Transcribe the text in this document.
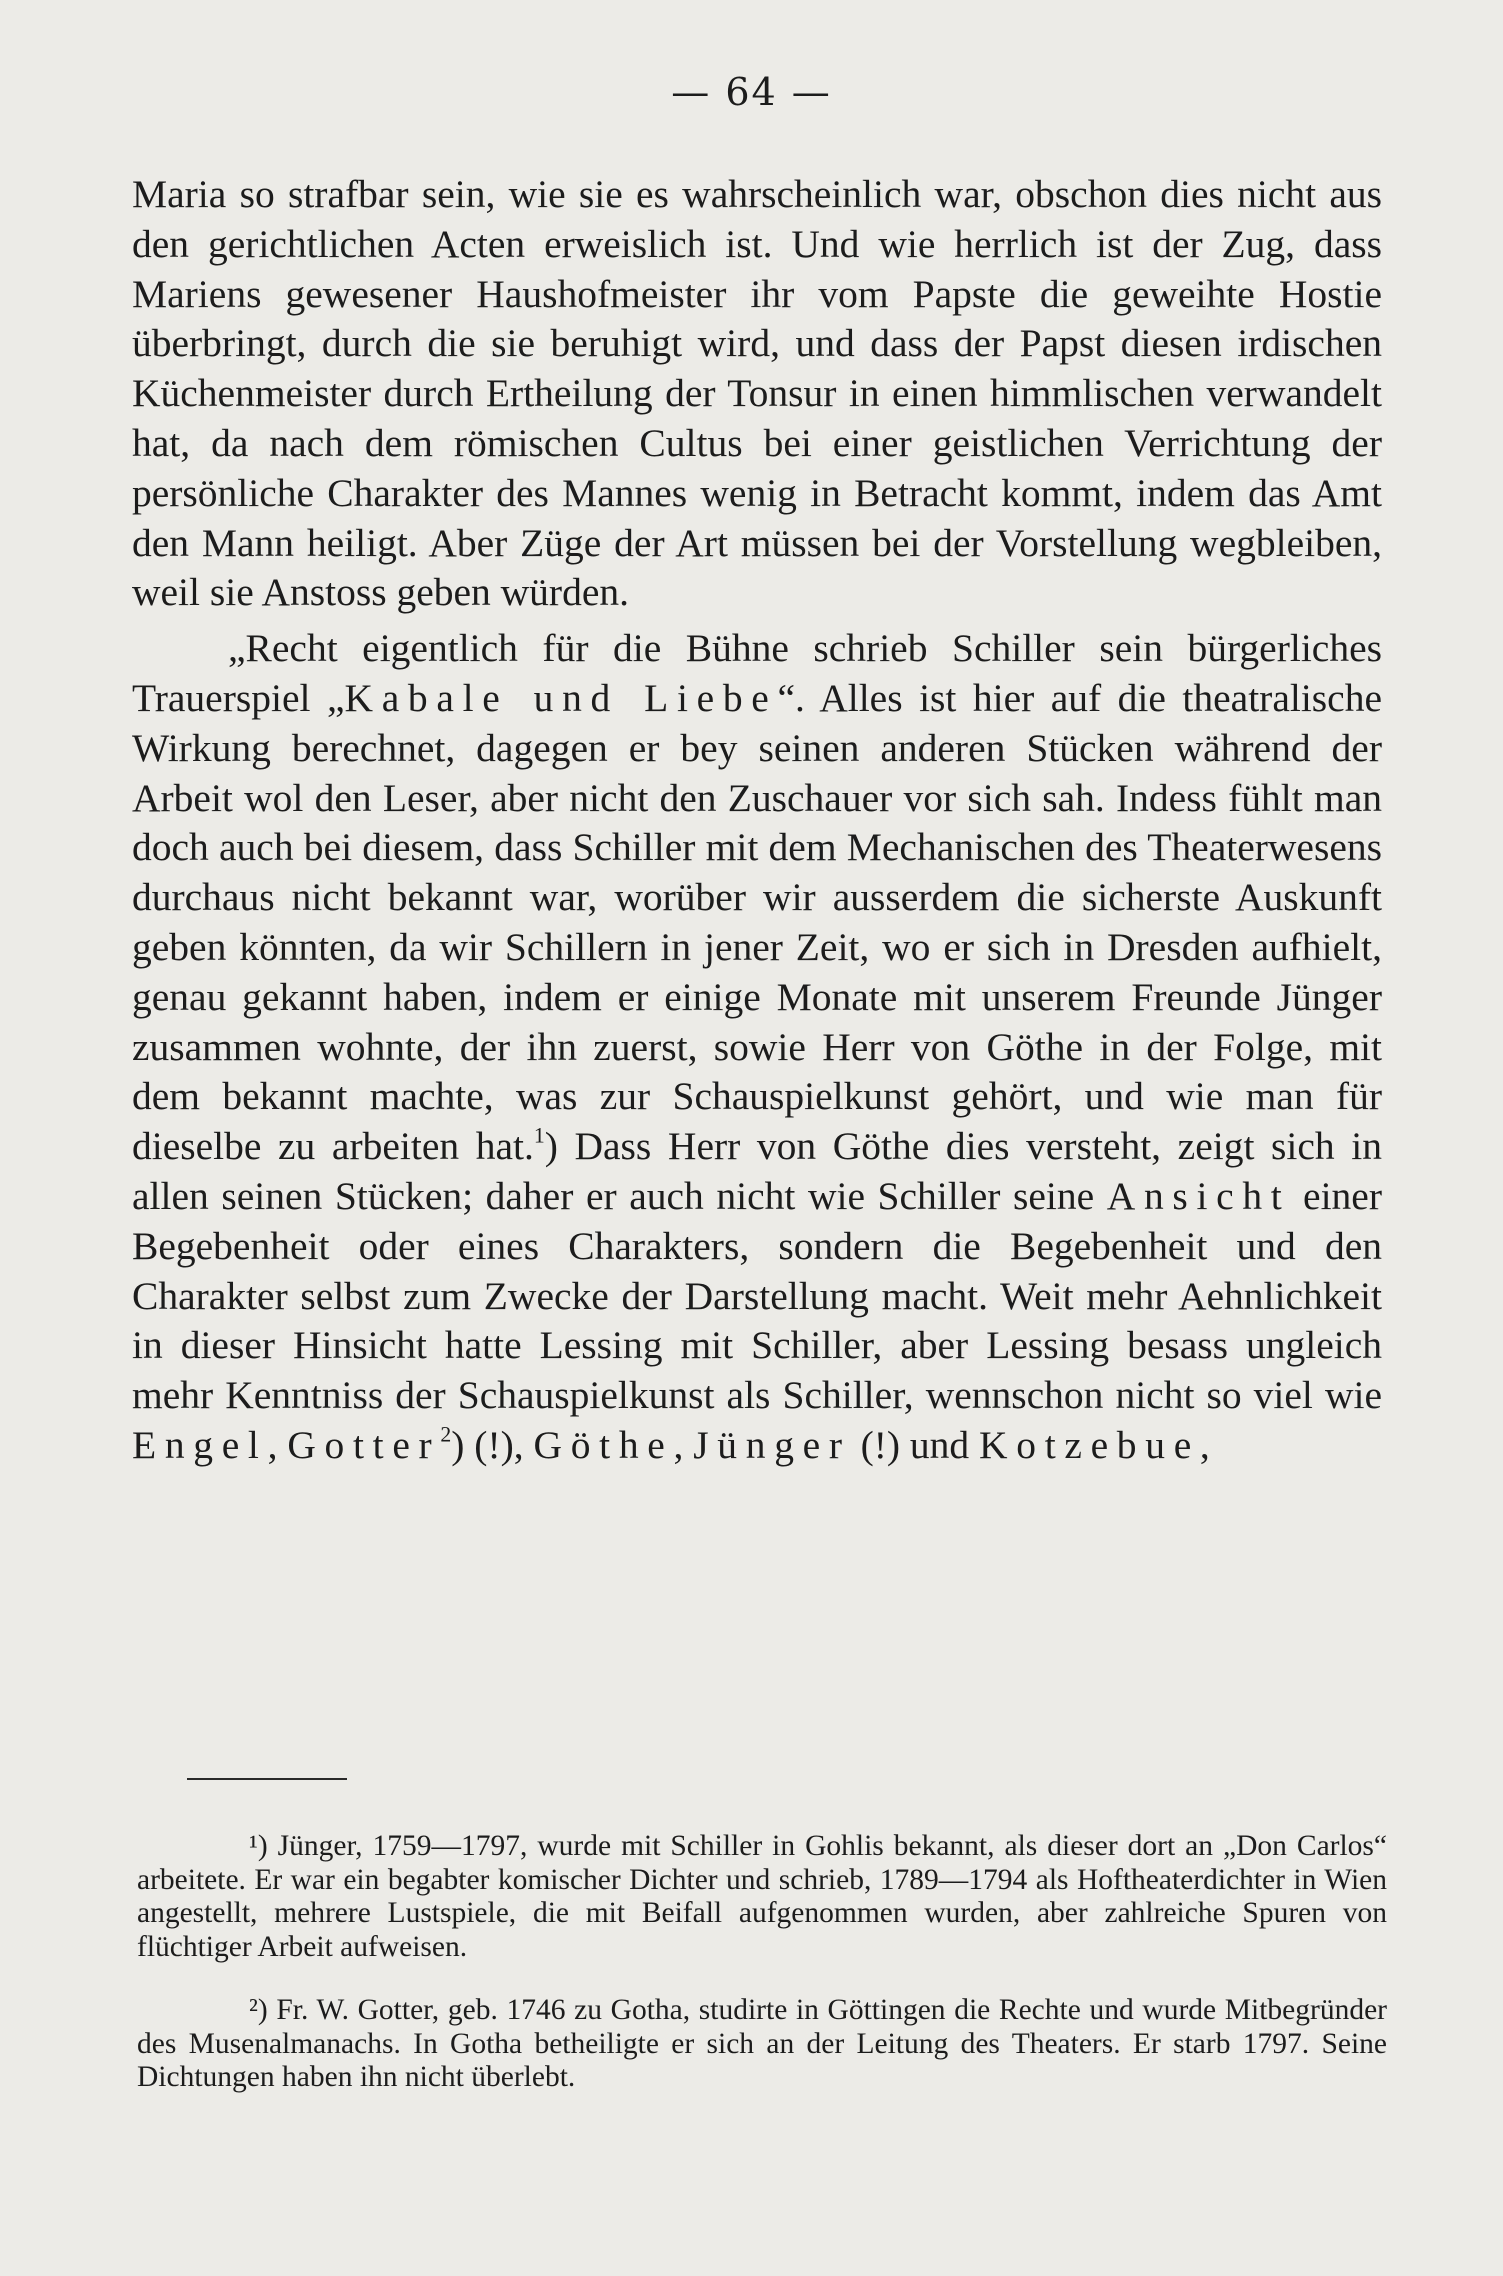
— 64 —

Maria so strafbar sein, wie sie es wahrscheinlich war, obschon dies nicht aus den gerichtlichen Acten erweislich ist. Und wie herrlich ist der Zug, dass Mariens gewesener Haushofmeister ihr vom Papste die geweihte Hostie überbringt, durch die sie beruhigt wird, und dass der Papst diesen irdischen Küchenmeister durch Ertheilung der Tonsur in einen himmlischen verwandelt hat, da nach dem römischen Cultus bei einer geistlichen Verrichtung der persönliche Charakter des Mannes wenig in Betracht kommt, indem das Amt den Mann heiligt. Aber Züge der Art müssen bei der Vorstellung wegbleiben, weil sie Anstoss geben würden.

„Recht eigentlich für die Bühne schrieb Schiller sein bürgerliches Trauerspiel „Kabale und Liebe“. Alles ist hier auf die theatralische Wirkung berechnet, dagegen er bey seinen anderen Stücken während der Arbeit wol den Leser, aber nicht den Zuschauer vor sich sah. Indess fühlt man doch auch bei diesem, dass Schiller mit dem Mechanischen des Theaterwesens durchaus nicht bekannt war, worüber wir ausserdem die sicherste Auskunft geben könnten, da wir Schillern in jener Zeit, wo er sich in Dresden aufhielt, genau gekannt haben, indem er einige Monate mit unserem Freunde Jünger zusammen wohnte, der ihn zuerst, sowie Herr von Göthe in der Folge, mit dem bekannt machte, was zur Schauspielkunst gehört, und wie man für dieselbe zu arbeiten hat.$^1$) Dass Herr von Göthe dies versteht, zeigt sich in allen seinen Stücken; daher er auch nicht wie Schiller seine Ansicht einer Begebenheit oder eines Charakters, sondern die Begebenheit und den Charakter selbst zum Zwecke der Darstellung macht. Weit mehr Aehnlichkeit in dieser Hinsicht hatte Lessing mit Schiller, aber Lessing besass ungleich mehr Kenntniss der Schauspielkunst als Schiller, wennschon nicht so viel wie Engel, Gotter$^2$) (!), Göthe, Jünger (!) und Kotzebue,

¹) Jünger, 1759—1797, wurde mit Schiller in Gohlis bekannt, als dieser dort an „Don Carlos“ arbeitete. Er war ein begabter komischer Dichter und schrieb, 1789—1794 als Hoftheaterdichter in Wien angestellt, mehrere Lustspiele, die mit Beifall aufgenommen wurden, aber zahlreiche Spuren von flüchtiger Arbeit aufweisen.

²) Fr. W. Gotter, geb. 1746 zu Gotha, studirte in Göttingen die Rechte und wurde Mitbegründer des Musenalmanachs. In Gotha betheiligte er sich an der Leitung des Theaters. Er starb 1797. Seine Dichtungen haben ihn nicht überlebt.
